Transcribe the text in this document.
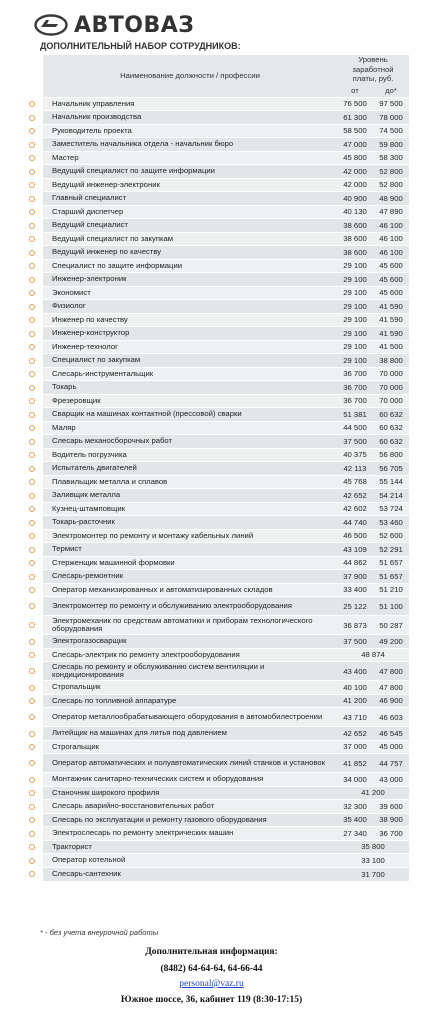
АВТОВАЗ
ДОПОЛНИТЕЛЬНЫЙ НАБОР СОТРУДНИКОВ:
	Наименование должности / профессии	Уровень заработной платы, руб.	
		от	до*
	Начальник управления	76 500	97 500
	Начальник производства	61 300	78 000
	Руководитель проекта	58 500	74 500
	Заместитель начальника отдела - начальник бюро	47 000	59 800
	Мастер	45 800	58 300
	Ведущий специалист по защите информации	42 000	52 800
	Ведущий инженер-электроник	42 000	52 800
	Главный специалист	40 900	48 900
	Старший диспетчер	40 130	47 890
	Ведущий специалист	38 600	46 100
	Ведущий специалист по закупкам	38 600	46 100
	Ведущий инженер по качеству	38 600	46 100
	Специалист по защите информации	29 100	45 600
	Инженер-электроник	29 100	45 600
	Экономист	29 100	45 600
	Физиолог	29 100	41 590
	Инженер по качеству	29 100	41 590
	Инженер-конструктор	29 100	41 590
	Инженер-технолог	29 100	41 500
	Специалист по закупкам	29 100	38 800
	Слесарь-инструментальщик	36 700	70 000
	Токарь	36 700	70 000
	Фрезеровщик	36 700	70 000
	Сварщик на машинах контактной (прессовой) сварки	51 381	60 632
	Маляр	44 500	60 632
	Слесарь механосборочных работ	37 500	60 632
	Водитель погрузчика	40 375	56 800
	Испытатель двигателей	42 113	56 705
	Плавильщик металла и сплавов	45 768	55 144
	Заливщик металла	42 652	54 214
	Кузнец-штамповщик	42 602	53 724
	Токарь-расточник	44 740	53 460
	Электромонтер по ремонту и монтажу кабельных линий	46 500	52 600
	Термист	43 109	52 291
	Стерженщик машинной формовки	44 862	51 657
	Слесарь-ремонтник	37 900	51 657
	Оператор механизированных и автоматизированных складов	33 400	51 210
	Электромонтер по ремонту и обслуживанию электрооборудования	25 122	51 100
	Электромеханик по средствам автоматики и приборам технологического оборудования	36 873	50 287
	Электрогазосварщик	37 500	49 200
	Слесарь-электрик по ремонту электрооборудования	48 874	
	Слесарь по ремонту и обслуживанию систем вентиляции и кондиционирования	43 400	47 800
	Стропальщик	40 100	47 800
	Слесарь по топливной аппаратуре	41 200	46 900
	Оператор металлообрабатывающего оборудования в автомобилестроении	43 710	46 603
	Литейщик на машинах для литья под давлением	42 652	46 545
	Строгальщик	37 000	45 000
	Оператор автоматических и полуавтоматических линий станков и установок	41 852	44 757
	Монтажник санитарно-технических систем и оборудования	34 000	43 000
	Станочник широкого профиля	41 200	
	Слесарь аварийно-восстановительных работ	32 300	39 600
	Слесарь по эксплуатации и ремонту газового оборудования	35 400	38 900
	Электрослесарь по ремонту электрических машин	27 340	36 700
	Тракторист	35 800	
	Оператор котельной	33 100	
	Слесарь-сантехник	31 700	
* - без учета внеурочной работы
Дополнительная информация:
(8482) 64-64-64, 64-66-44
personal@vaz.ru
Южное шоссе, 36, кабинет 119 (8:30-17:15)
